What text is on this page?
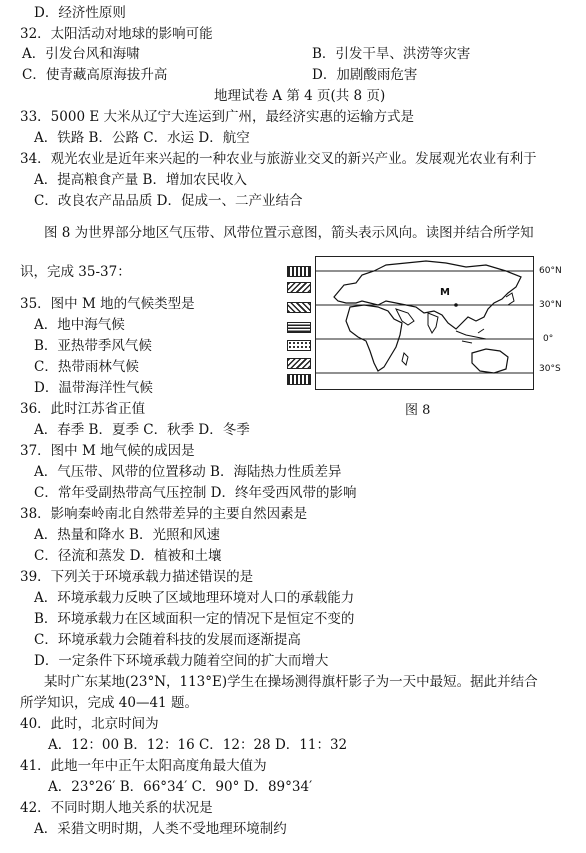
D．经济性原则
32．太阳活动对地球的影响可能
A．引发台风和海啸	B．引发干旱、洪涝等灾害
C．使青藏高原海拔升高	D．加剧酸雨危害
地理试卷 A 第 4 页(共 8 页)
33．5000 E 大米从辽宁大连运到广州，最经济实惠的运输方式是
A．铁路 B．公路 C．水运 D．航空
34．观光农业是近年来兴起的一种农业与旅游业交叉的新兴产业。发展观光农业有利于
A．提高粮食产量 B．增加农民收入
C．改良农产品品质 D．促成一、二产业结合
图 8 为世界部分地区气压带、风带位置示意图，箭头表示风向。读图并结合所学知
识，完成 35-37：
35．图中 M 地的气候类型是
A．地中海气候
B．亚热带季风气候
C．热带雨林气候
D．温带海洋性气候
36．此时江苏省正值
A．春季 B．夏季 C．秋季 D．冬季
37．图中 M 地气候的成因是
A．气压带、风带的位置移动 B．海陆热力性质差异
C．常年受副热带高气压控制 D．终年受西风带的影响
38．影响秦岭南北自然带差异的主要自然因素是
A．热量和降水 B．光照和风速
C．径流和蒸发 D．植被和土壤
39．下列关于环境承载力描述错误的是
A．环境承载力反映了区域地理环境对人口的承载能力
B．环境承载力在区域面积一定的情况下是恒定不变的
C．环境承载力会随着科技的发展而逐渐提高
D．一定条件下环境承载力随着空间的扩大而增大
某时广东某地(23°N，113°E)学生在操场测得旗杆影子为一天中最短。据此并结合
所学知识，完成 40—41 题。
40．此时，北京时间为
A．12：00 B．12：16 C．12：28 D．11：32
41．此地一年中正午太阳高度角最大值为
A．23°26′ B．66°34′ C．90° D．89°34′
42．不同时期人地关系的状况是
A．采猎文明时期，人类不受地理环境制约
M
60°N
30°N
0°
30°S
图 8
